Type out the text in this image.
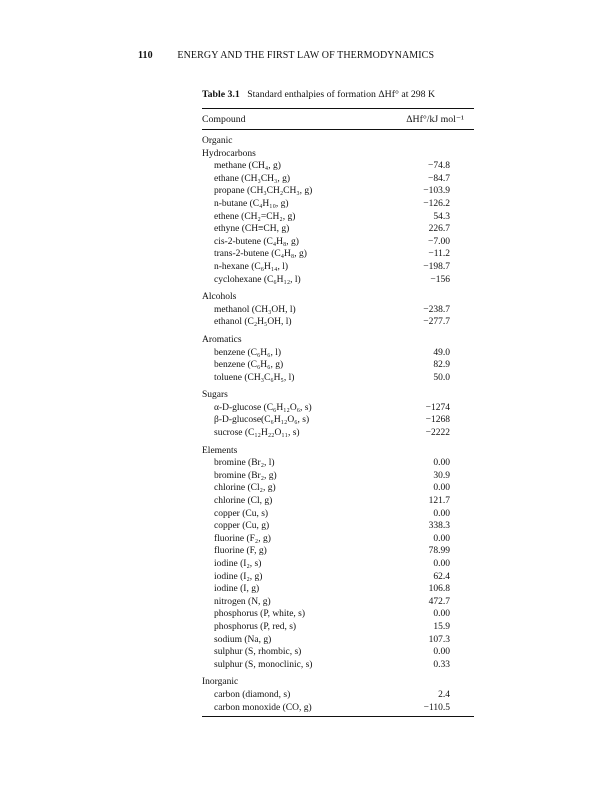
110 ENERGY AND THE FIRST LAW OF THERMODYNAMICS
Table 3.1 Standard enthalpies of formation ΔHf° at 298 K
Compound	ΔHf°/kJ mol⁻¹
Organic
Hydrocarbons
methane (CH₄, g)	−74.8
ethane (CH₃CH₃, g)	−84.7
propane (CH₃CH₂CH₃, g)	−103.9
n-butane (C₄H₁₀, g)	−126.2
ethene (CH₂=CH₂, g)	54.3
ethyne (CH≡CH, g)	226.7
cis-2-butene (C₄H₈, g)	−7.00
trans-2-butene (C₄H₈, g)	−11.2
n-hexane (C₆H₁₄, l)	−198.7
cyclohexane (C₆H₁₂, l)	−156
Alcohols
methanol (CH₃OH, l)	−238.7
ethanol (C₂H₅OH, l)	−277.7
Aromatics
benzene (C₆H₆, l)	49.0
benzene (C₆H₆, g)	82.9
toluene (CH₃C₆H₅, l)	50.0
Sugars
α-D-glucose (C₆H₁₂O₆, s)	−1274
β-D-glucose(C₆H₁₂O₆, s)	−1268
sucrose (C₁₂H₂₂O₁₁, s)	−2222
Elements
bromine (Br₂, l)	0.00
bromine (Br₂, g)	30.9
chlorine (Cl₂, g)	0.00
chlorine (Cl, g)	121.7
copper (Cu, s)	0.00
copper (Cu, g)	338.3
fluorine (F₂, g)	0.00
fluorine (F, g)	78.99
iodine (I₂, s)	0.00
iodine (I₂, g)	62.4
iodine (I, g)	106.8
nitrogen (N, g)	472.7
phosphorus (P, white, s)	0.00
phosphorus (P, red, s)	15.9
sodium (Na, g)	107.3
sulphur (S, rhombic, s)	0.00
sulphur (S, monoclinic, s)	0.33
Inorganic
carbon (diamond, s)	2.4
carbon monoxide (CO, g)	−110.5
